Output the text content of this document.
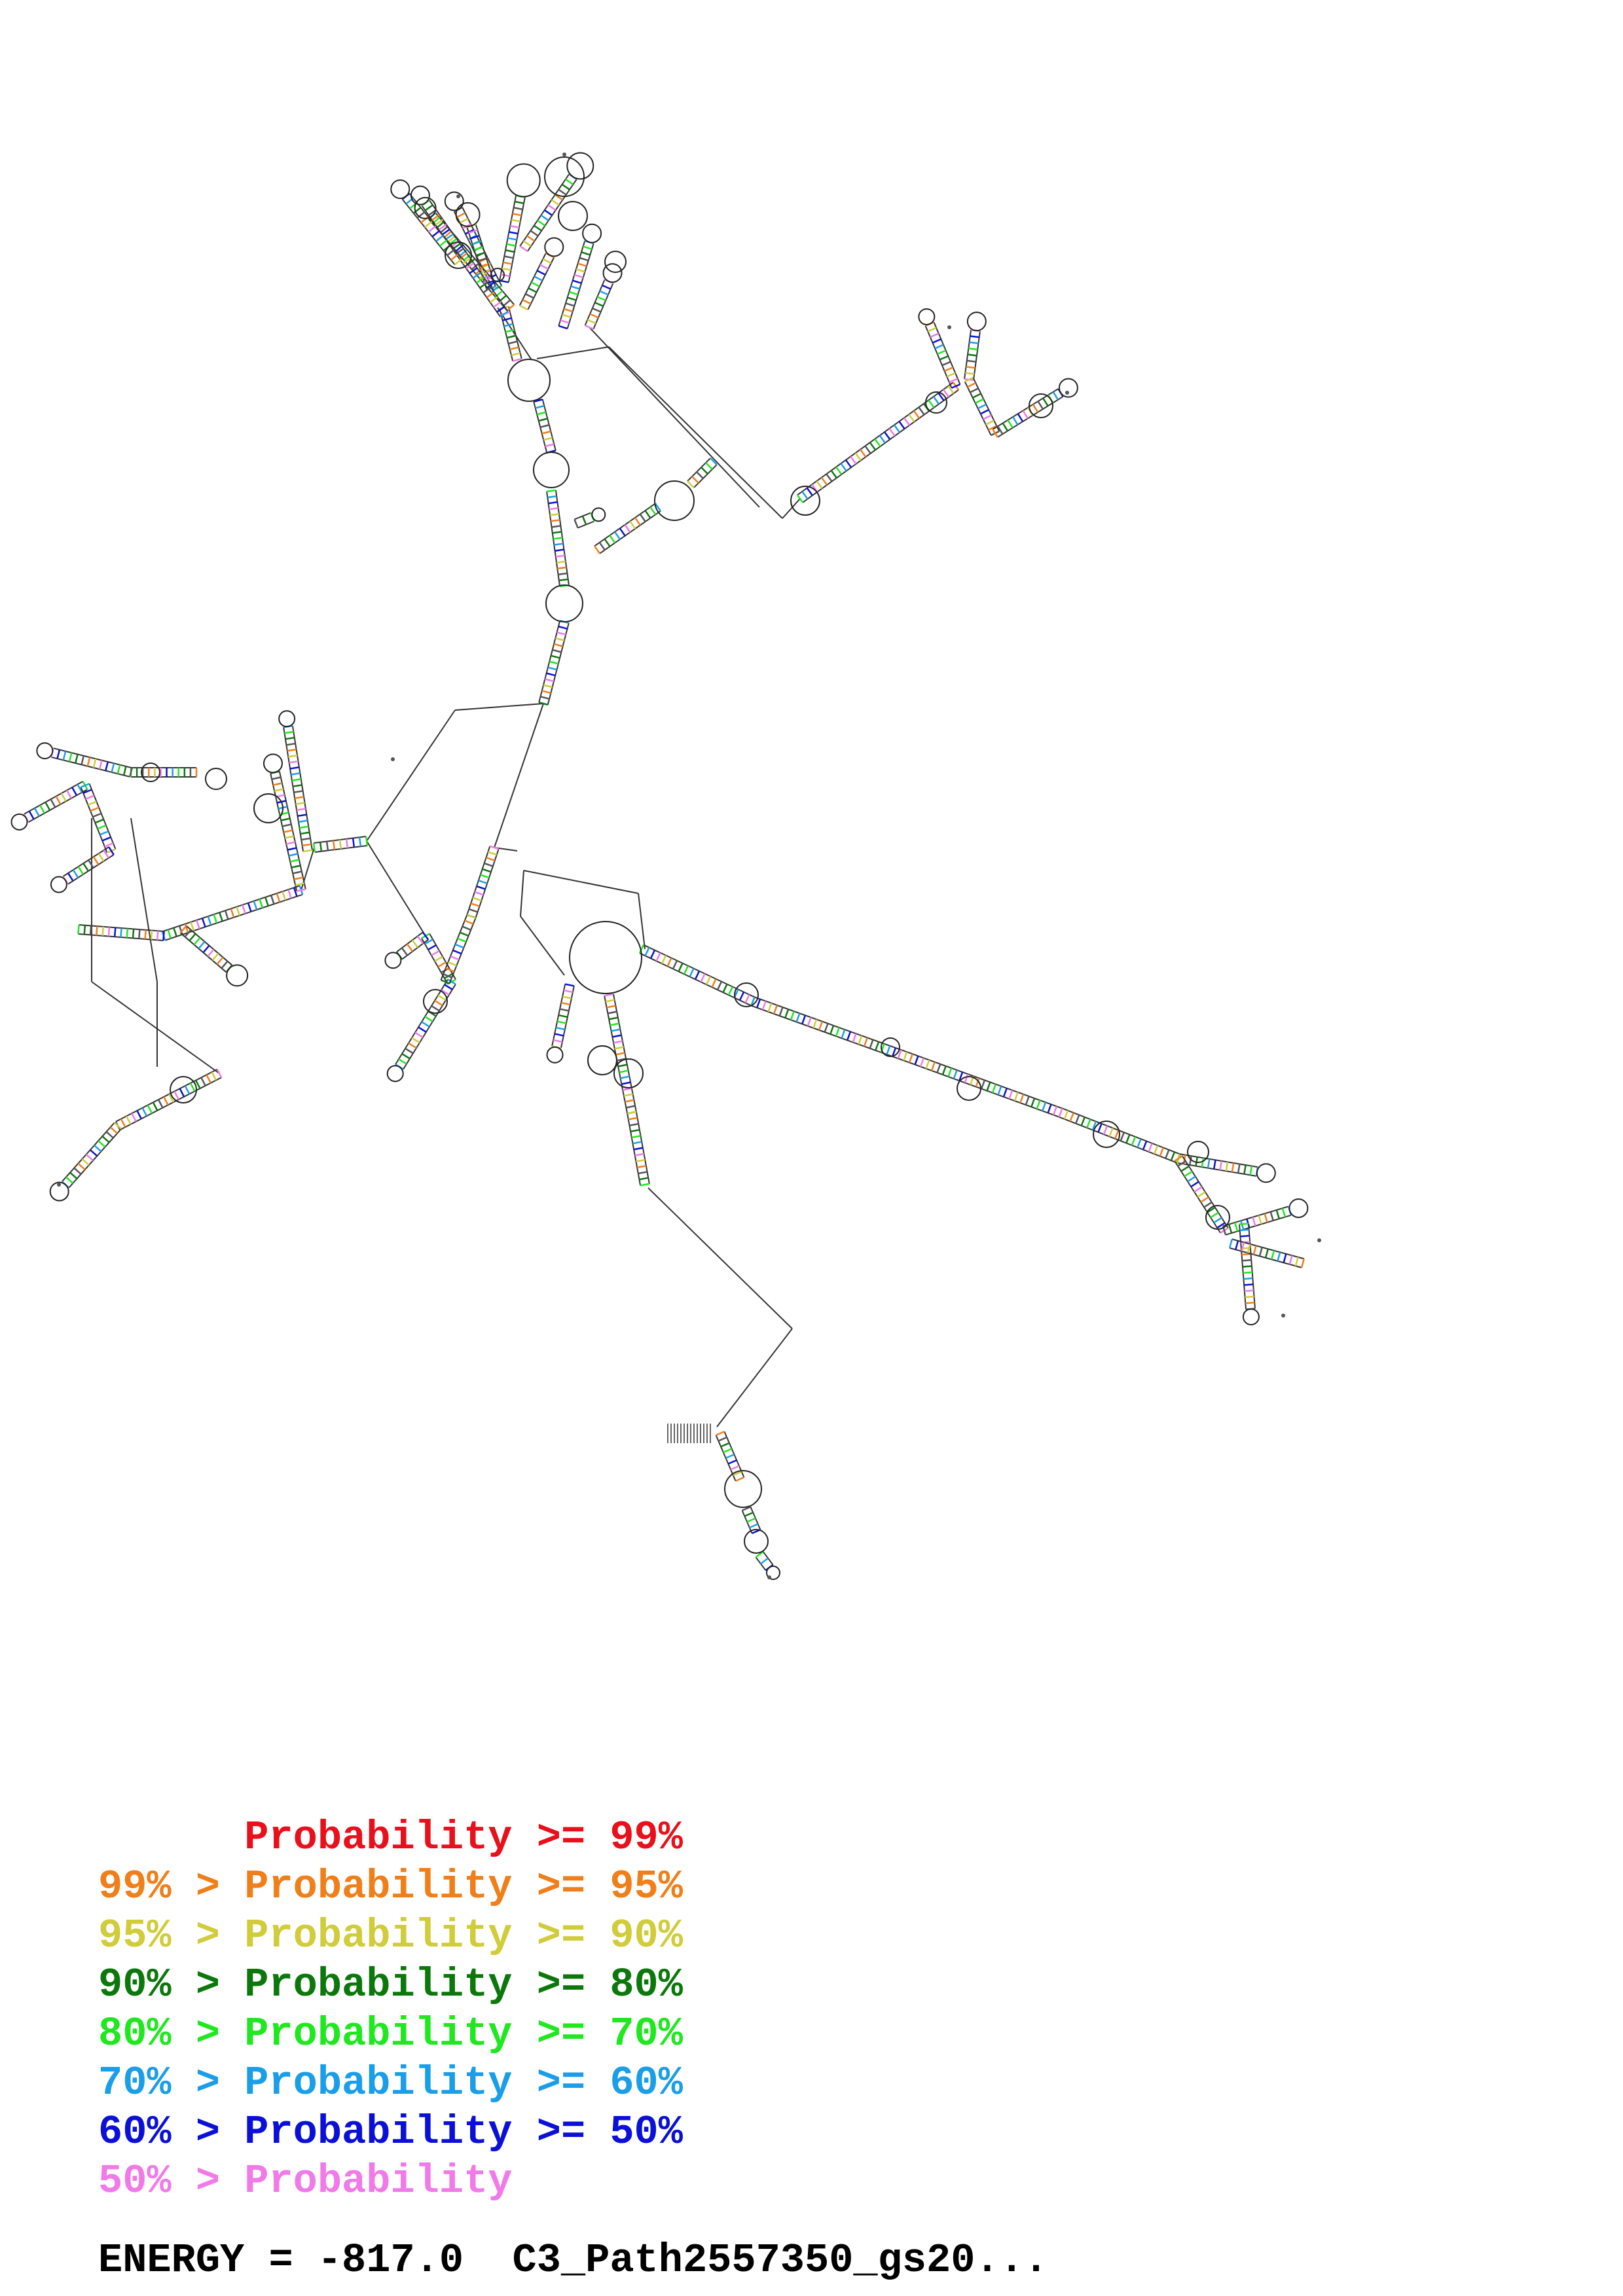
Probability >= 99%
99% > Probability >= 95%
95% > Probability >= 90%
90% > Probability >= 80%
80% > Probability >= 70%
70% > Probability >= 60%
60% > Probability >= 50%
50% > Probability
ENERGY = -817.0 C3_Path2557350_gs20...
